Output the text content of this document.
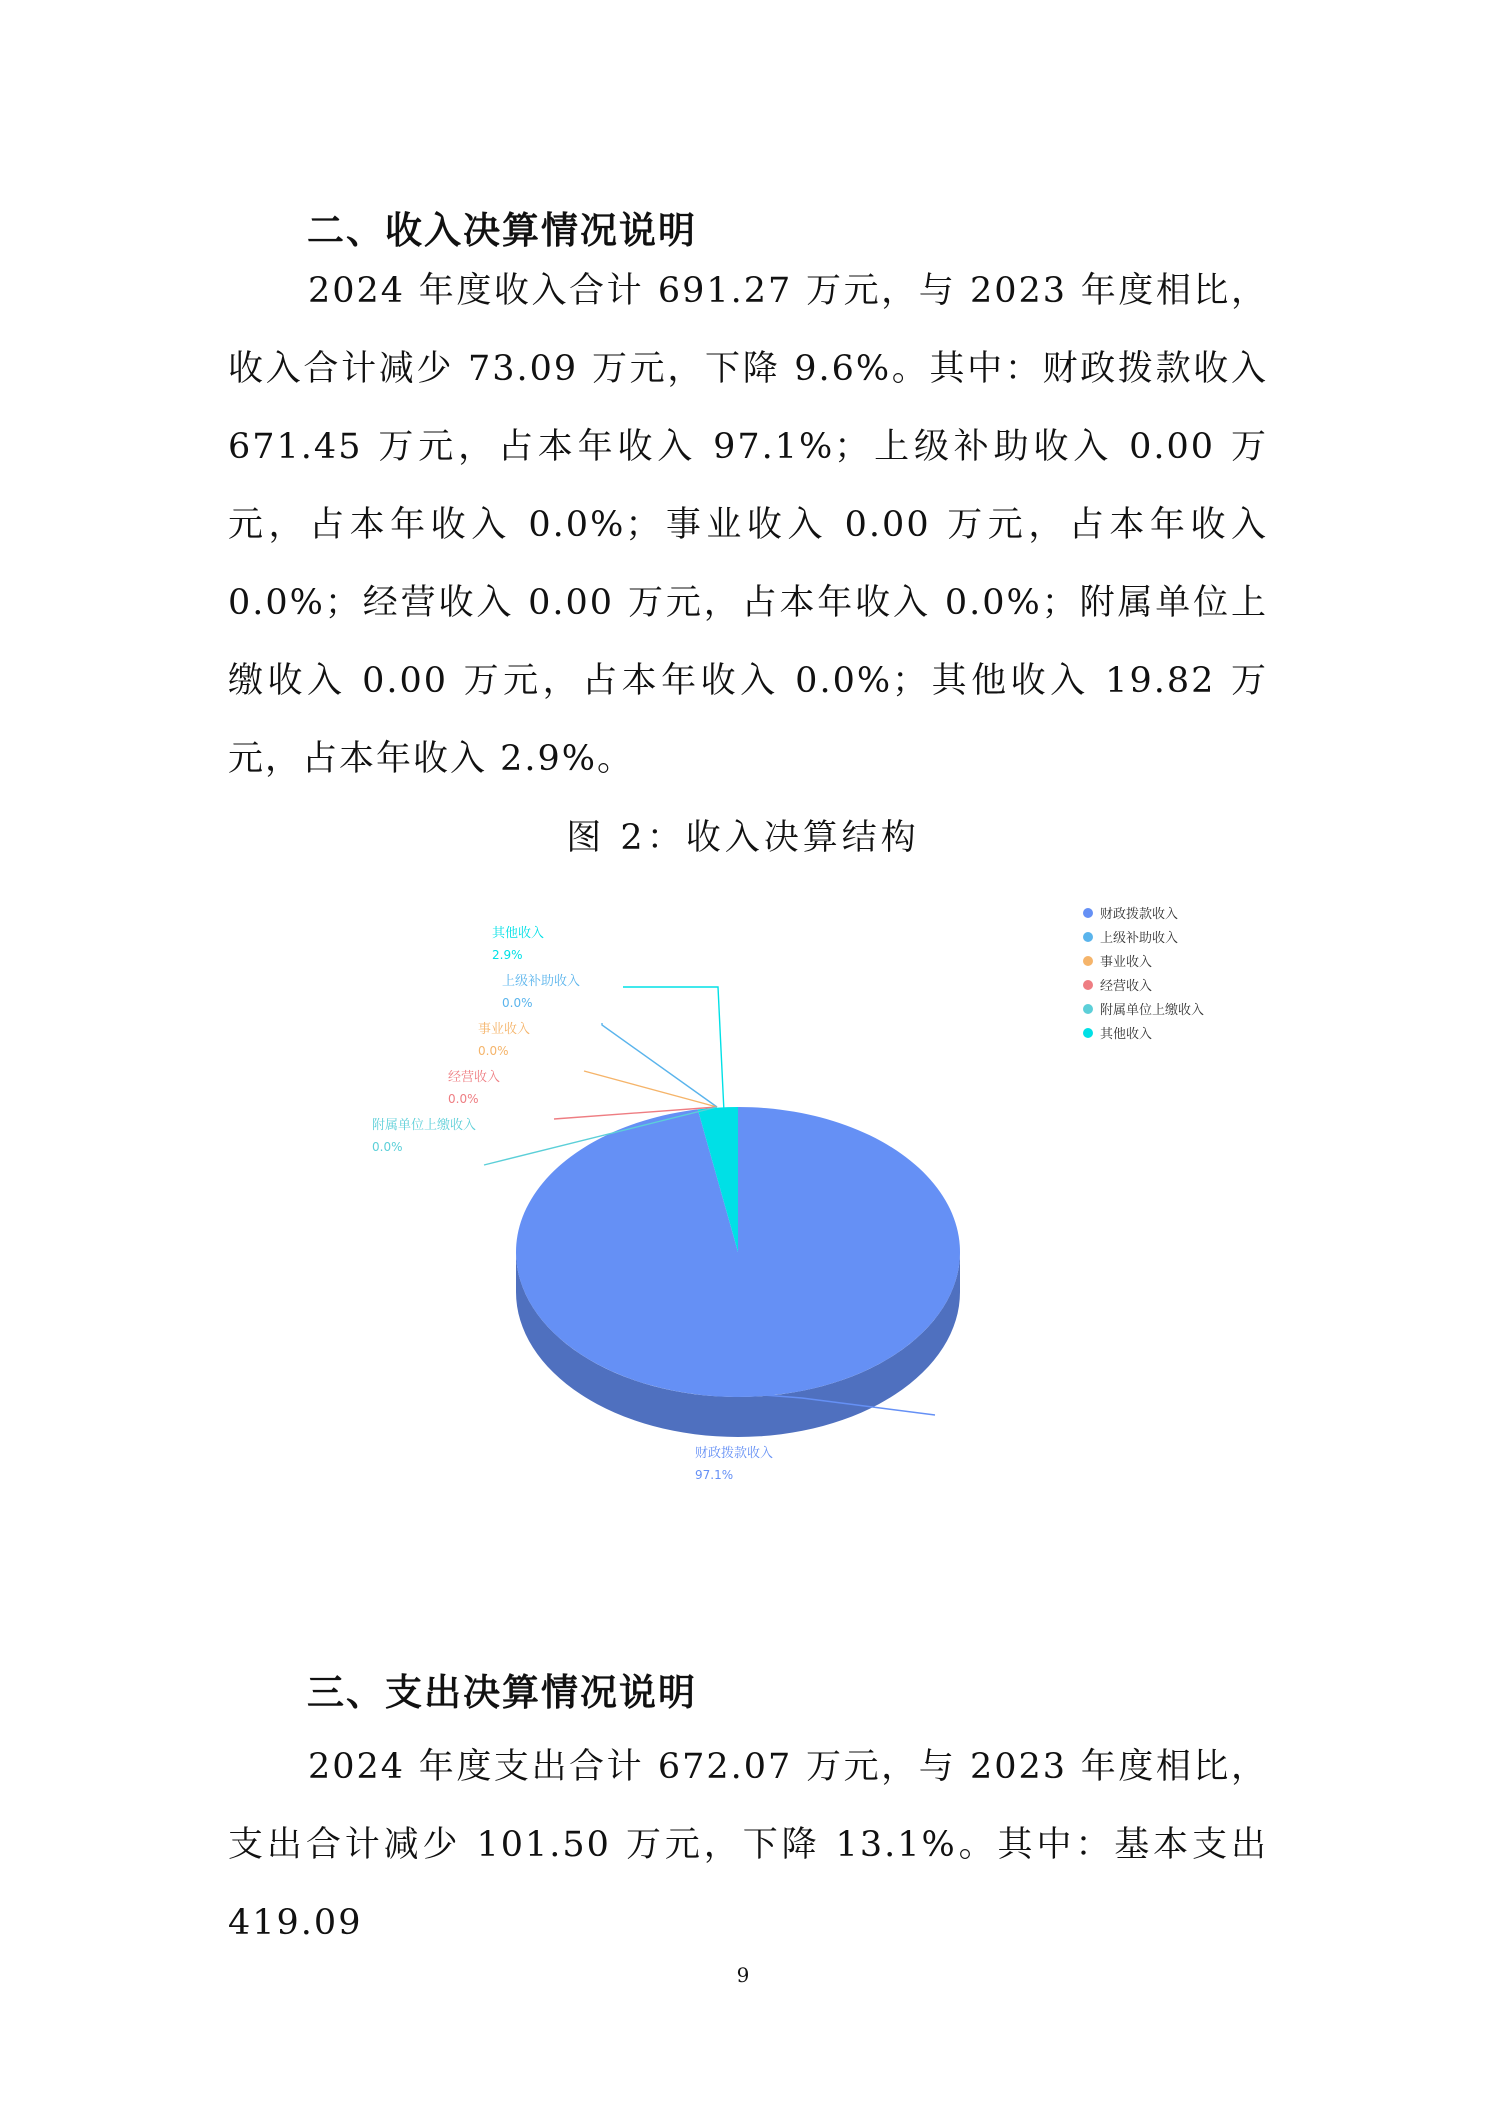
二、收入决算情况说明

2024 年度收入合计 691.27 万元，与 2023 年度相比，收入合计减少 73.09 万元，下降 9.6%。其中：财政拨款收入 671.45 万元，占本年收入 97.1%；上级补助收入 0.00 万元，占本年收入 0.0%；事业收入 0.00 万元，占本年收入 0.0%；经营收入 0.00 万元，占本年收入 0.0%；附属单位上缴收入 0.00 万元，占本年收入 0.0%；其他收入 19.82 万元，占本年收入 2.9%。

图 2：收入决算结构

财政拨款收入
97.1%
上级补助收入
0.0%
事业收入
0.0%
经营收入
0.0%
附属单位上缴收入
0.0%
其他收入
2.9%
财政拨款收入
上级补助收入
事业收入
经营收入
附属单位上缴收入
其他收入
三、支出决算情况说明

2024 年度支出合计 672.07 万元，与 2023 年度相比，支出合计减少 101.50 万元，下降 13.1%。其中：基本支出 419.09

9
